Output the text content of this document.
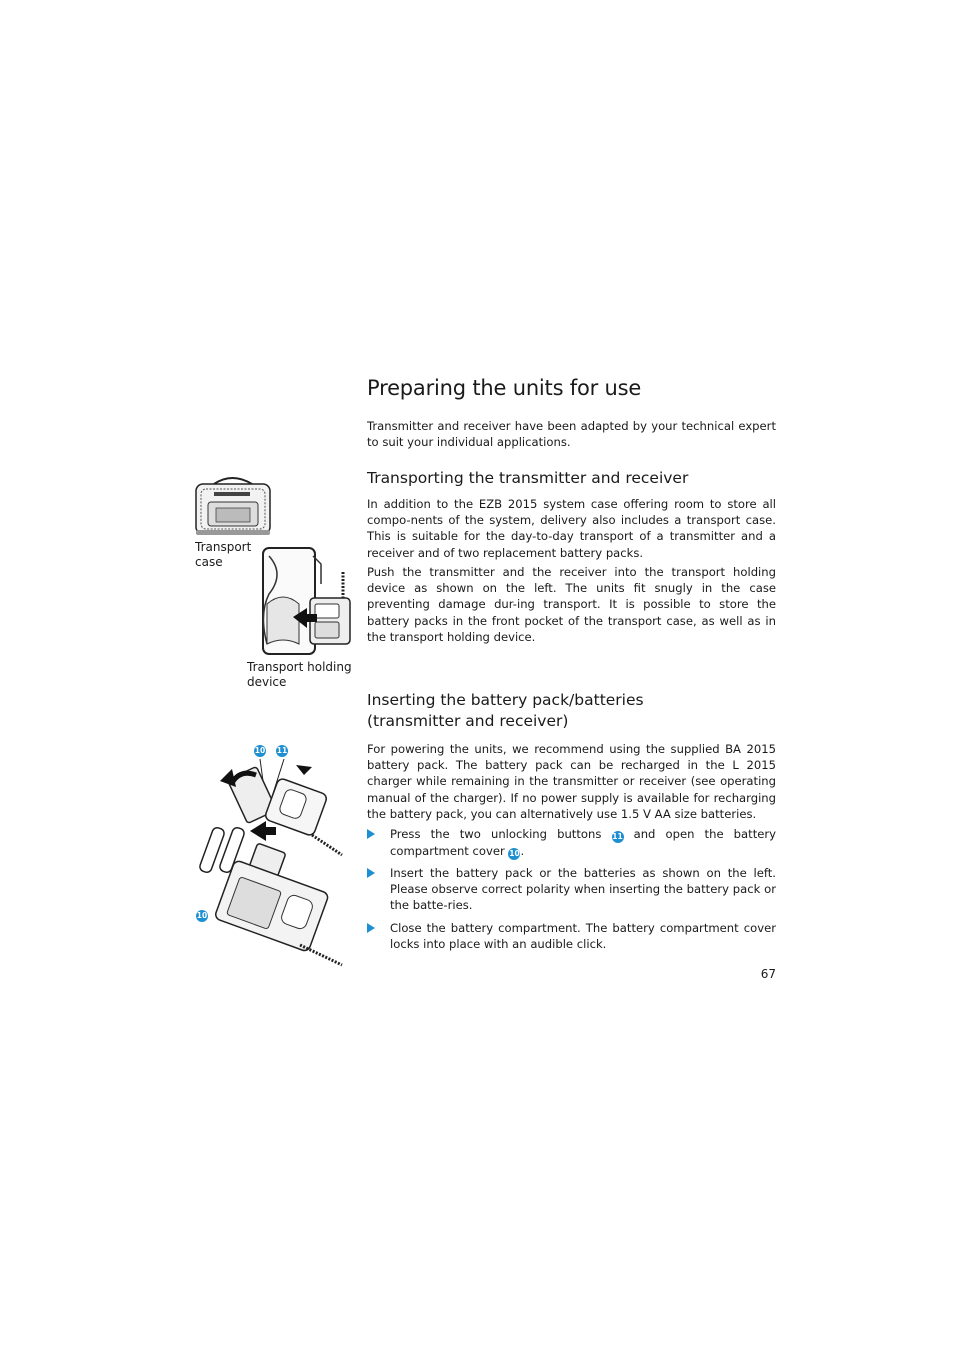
Preparing the units for use

Transmitter and receiver have been adapted by your technical expert to suit your individual applications.

Transporting the transmitter and receiver

In addition to the EZB 2015 system case offering room to store all compo-nents of the system, delivery also includes a transport case. This is suitable for the day-to-day transport of a transmitter and a receiver and of two replacement battery packs.

Push the transmitter and the receiver into the transport holding device as shown on the left. The units fit snugly in the case preventing damage dur-ing transport. It is possible to store the battery packs in the front pocket of the transport case, as well as in the transport holding device.

Transport
case
Transport holding
device
Inserting the battery pack/batteries
(transmitter and receiver)

For powering the units, we recommend using the supplied BA 2015 battery pack. The battery pack can be recharged in the L 2015 charger while remaining in the transmitter or receiver (see operating manual of the charger). If no power supply is available for recharging the battery pack, you can alternatively use 1.5 V AA size batteries.

Press the two unlocking buttons 11 and open the battery compartment cover 10.
Insert the battery pack or the batteries as shown on the left. Please observe correct polarity when inserting the battery pack or the batte-ries.
Close the battery compartment. The battery compartment cover locks into place with an audible click.
10 11
10
67
